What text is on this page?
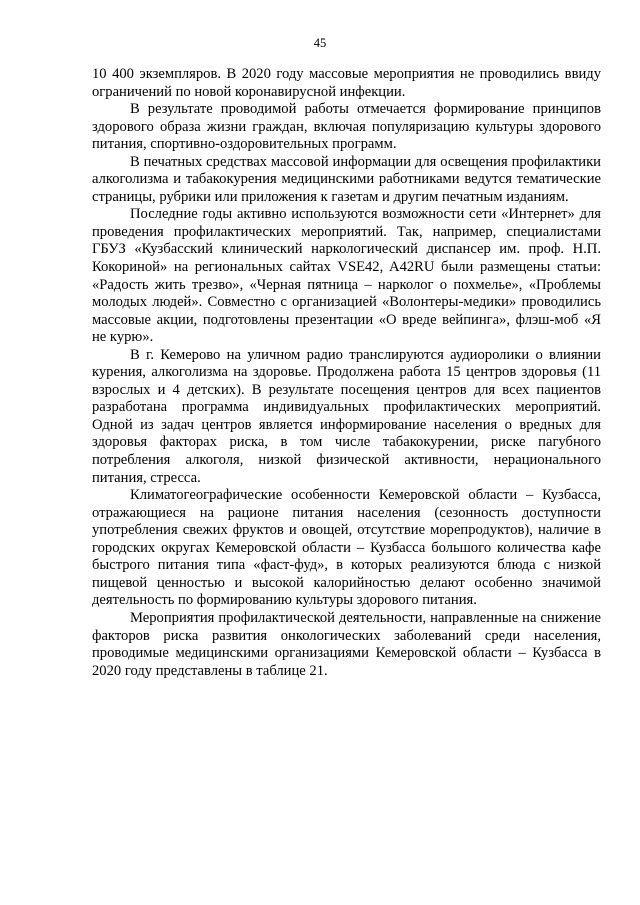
45

10 400 экземпляров. В 2020 году массовые мероприятия не проводились ввиду ограничений по новой коронавирусной инфекции.

В результате проводимой работы отмечается формирование принципов здорового образа жизни граждан, включая популяризацию культуры здорового питания, спортивно-оздоровительных программ.

В печатных средствах массовой информации для освещения профилактики алкоголизма и табакокурения медицинскими работниками ведутся тематические страницы, рубрики или приложения к газетам и другим печатным изданиям.

Последние годы активно используются возможности сети «Интернет» для проведения профилактических мероприятий. Так, например, специалистами ГБУЗ «Кузбасский клинический наркологический диспансер им. проф. Н.П. Кокориной» на региональных сайтах VSE42, A42RU были размещены статьи: «Радость жить трезво», «Черная пятница – нарколог о похмелье», «Проблемы молодых людей». Совместно с организацией «Волонтеры-медики» проводились массовые акции, подготовлены презентации «О вреде вейпинга», флэш-моб «Я не курю».

В г. Кемерово на уличном радио транслируются аудиоролики о влиянии курения, алкоголизма на здоровье. Продолжена работа 15 центров здоровья (11 взрослых и 4 детских). В результате посещения центров для всех пациентов разработана программа индивидуальных профилактических мероприятий. Одной из задач центров является информирование населения о вредных для здоровья факторах риска, в том числе табакокурении, риске пагубного потребления алкоголя, низкой физической активности, нерационального питания, стресса.

Климатогеографические особенности Кемеровской области – Кузбасса, отражающиеся на рационе питания населения (сезонность доступности употребления свежих фруктов и овощей, отсутствие морепродуктов), наличие в городских округах Кемеровской области – Кузбасса большого количества кафе быстрого питания типа «фаст-фуд», в которых реализуются блюда с низкой пищевой ценностью и высокой калорийностью делают особенно значимой деятельность по формированию культуры здорового питания.

Мероприятия профилактической деятельности, направленные на снижение факторов риска развития онкологических заболеваний среди населения, проводимые медицинскими организациями Кемеровской области – Кузбасса в 2020 году представлены в таблице 21.
